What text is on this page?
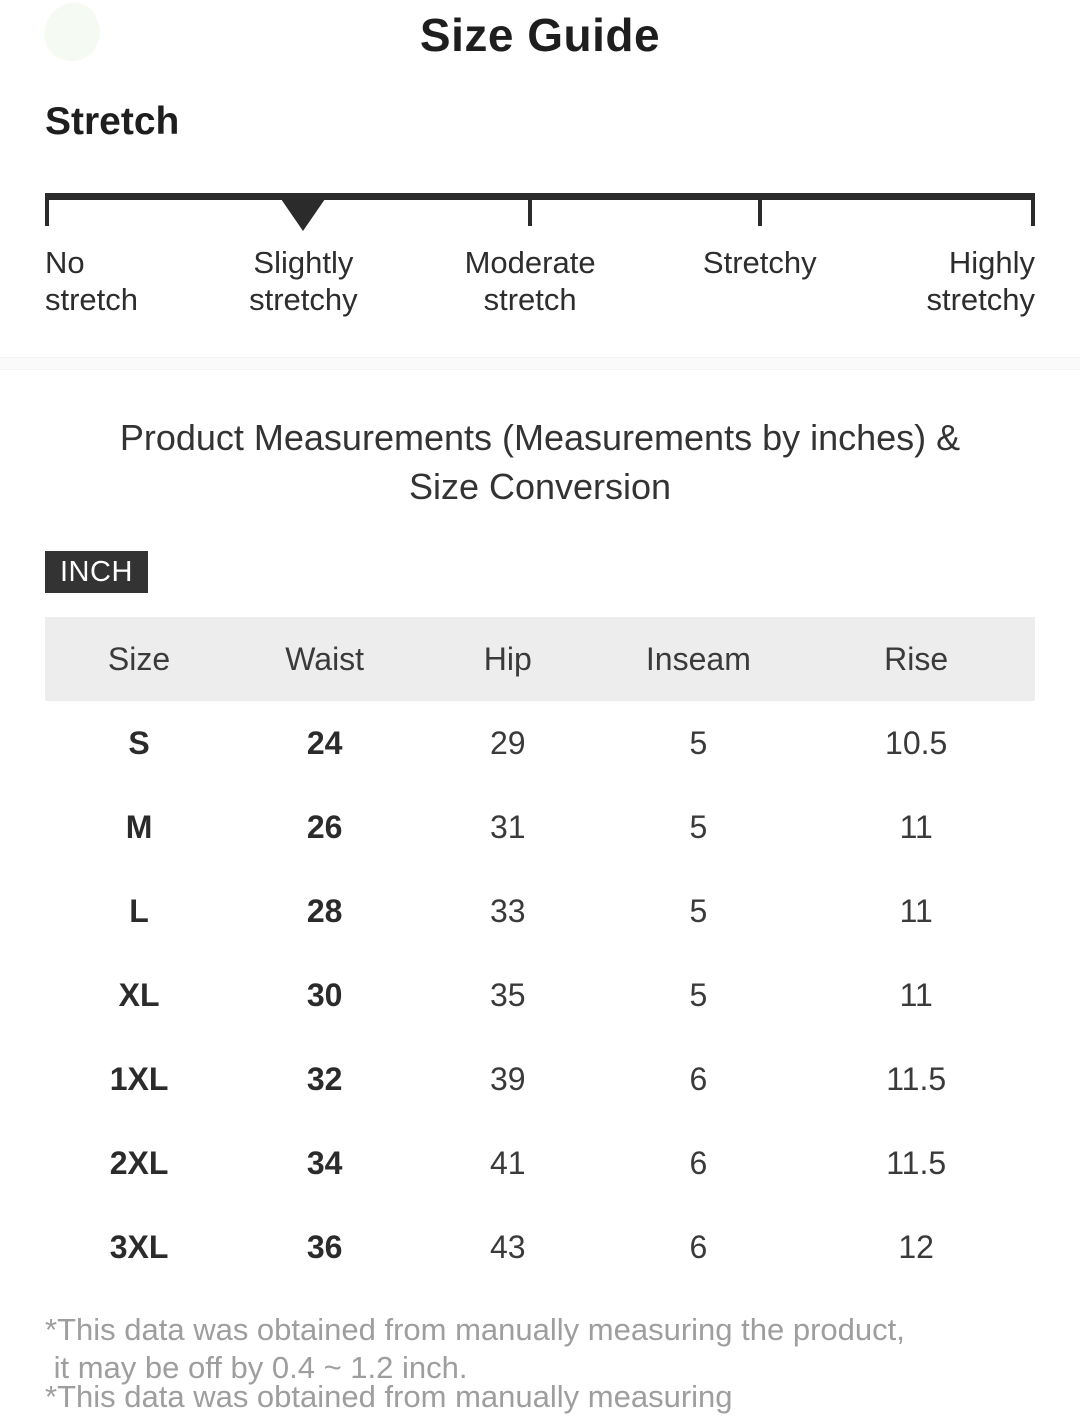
Size Guide
Stretch
No stretch
Slightly stretchy
Moderate stretch
Stretchy	Highly stretchy
Product Measurements (Measurements by inches) & Size Conversion
INCH
Size	Waist	Hip	Inseam	Rise
S	24	29	5	10.5
M	26	31	5	11
L	28	33	5	11
XL	30	35	5	11
1XL	32	39	6	11.5
2XL	34	41	6	11.5
3XL	36	43	6	12
*This data was obtained from manually measuring the product,
it may be off by 0.4 ~ 1.2 inch.
*This data was obtained from manually measuring
